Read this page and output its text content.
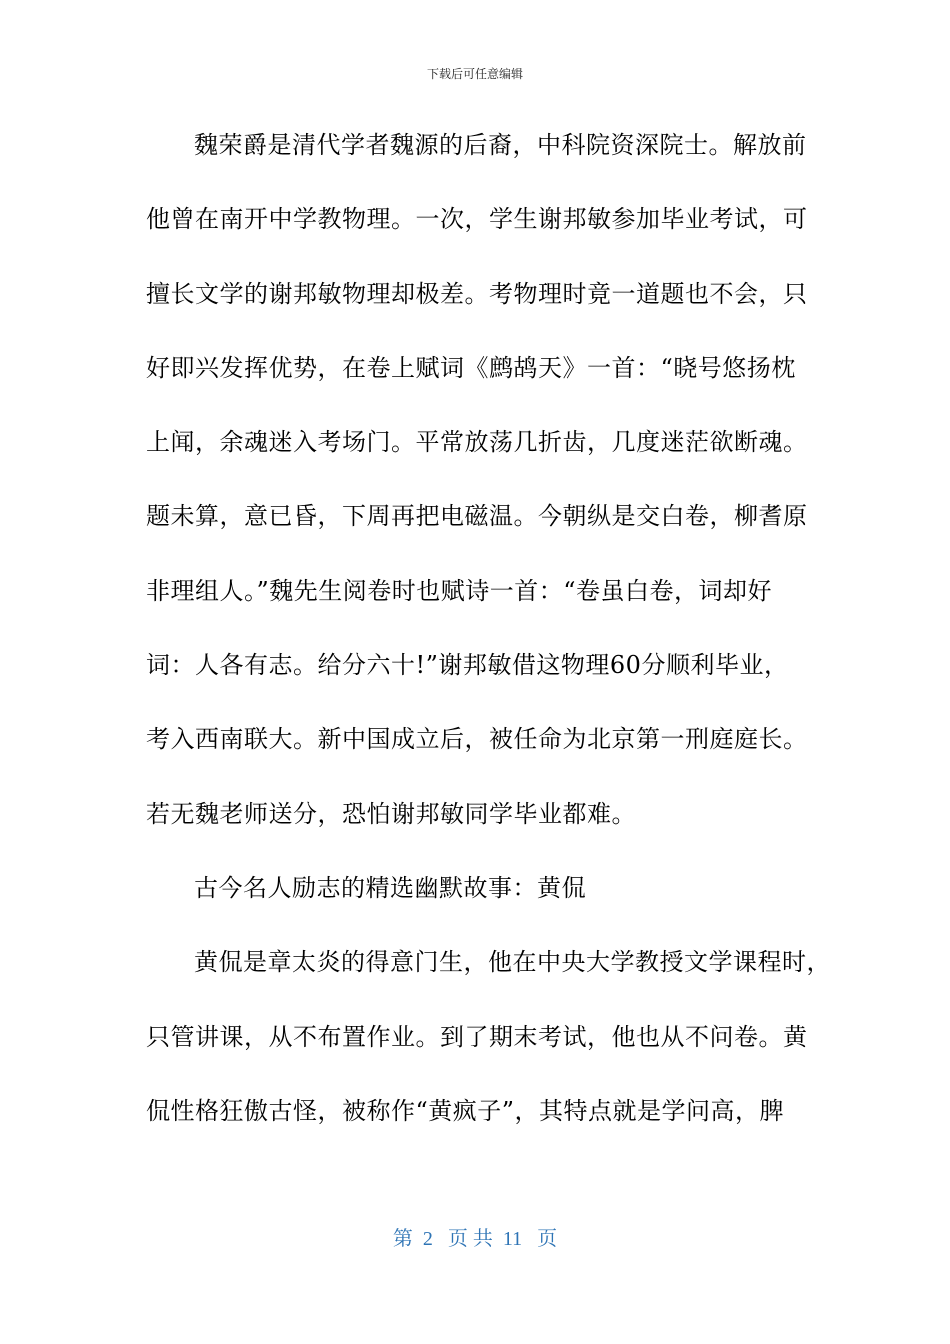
下载后可任意编辑
魏荣爵是清代学者魏源的后裔，中科院资深院士。解放前
他曾在南开中学教物理。一次，学生谢邦敏参加毕业考试，可
擅长文学的谢邦敏物理却极差。考物理时竟一道题也不会，只
好即兴发挥优势，在卷上赋词《鹧鸪天》一首：“晓号悠扬枕
上闻，余魂迷入考场门。平常放荡几折齿，几度迷茫欲断魂。
题未算，意已昏，下周再把电磁温。今朝纵是交白卷，柳耆原
非理组人。”魏先生阅卷时也赋诗一首：“卷虽白卷，词却好
词：人各有志。给分六十!”谢邦敏借这物理60分顺利毕业，
考入西南联大。新中国成立后，被任命为北京第一刑庭庭长。
若无魏老师送分，恐怕谢邦敏同学毕业都难。
古今名人励志的精选幽默故事：黄侃
黄侃是章太炎的得意门生，他在中央大学教授文学课程时，
只管讲课，从不布置作业。到了期末考试，他也从不问卷。黄
侃性格狂傲古怪，被称作“黄疯子”，其特点就是学问高，脾
第  2   页 共  11   页
